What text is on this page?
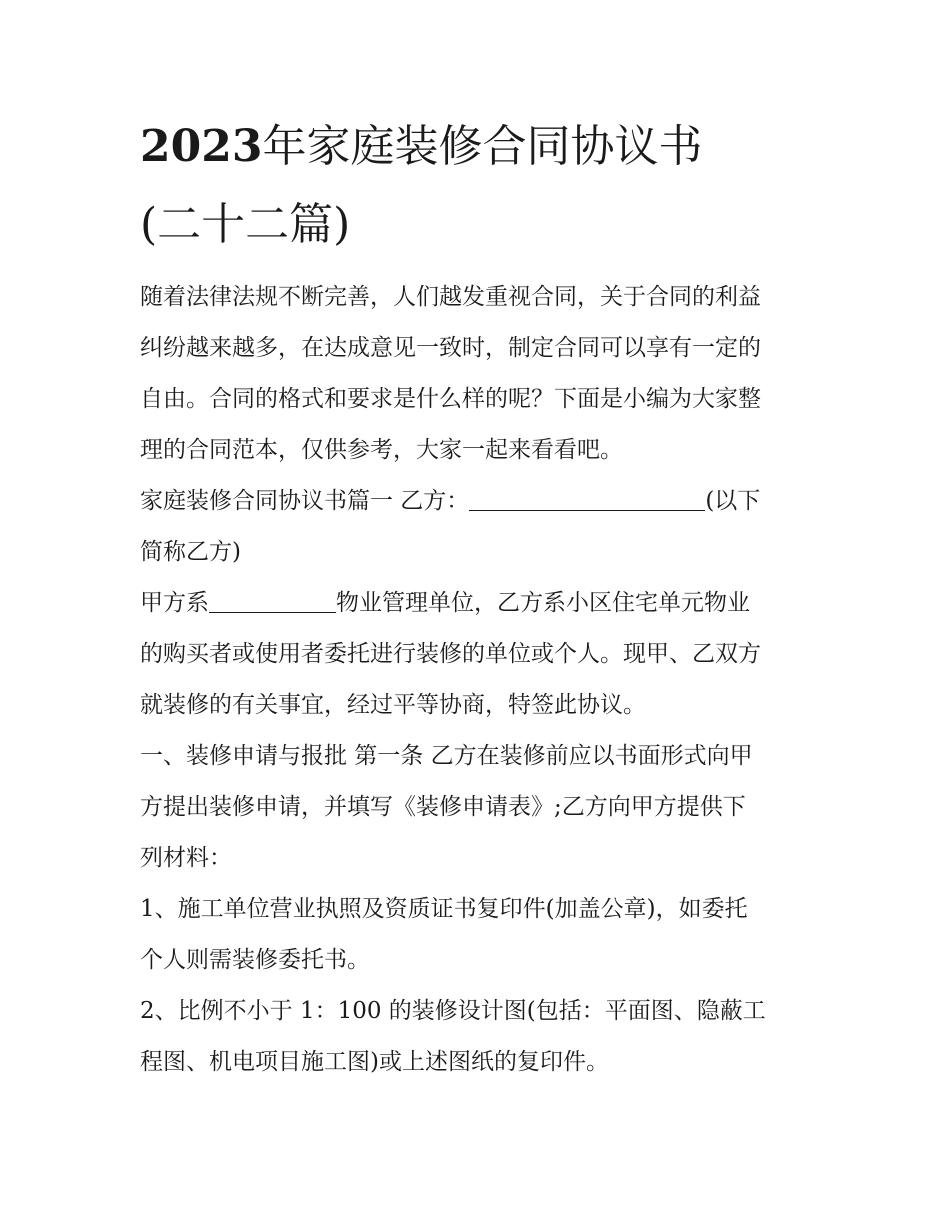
2023年家庭装修合同协议书
(二十二篇)

随着法律法规不断完善，人们越发重视合同，关于合同的利益
纠纷越来越多，在达成意见一致时，制定合同可以享有一定的
自由。合同的格式和要求是什么样的呢？下面是小编为大家整
理的合同范本，仅供参考，大家一起来看看吧。

家庭装修合同协议书篇一 乙方：	(以下
简称乙方)

甲方系	物业管理单位，乙方系小区住宅单元物业
的购买者或使用者委托进行装修的单位或个人。现甲、乙双方
就装修的有关事宜，经过平等协商，特签此协议。

一、装修申请与报批 第一条 乙方在装修前应以书面形式向甲
方提出装修申请，并填写《装修申请表》;乙方向甲方提供下
列材料：

1、施工单位营业执照及资质证书复印件(加盖公章)，如委托
个人则需装修委托书。

2、比例不小于 1：100 的装修设计图(包括：平面图、隐蔽工
程图、机电项目施工图)或上述图纸的复印件。
